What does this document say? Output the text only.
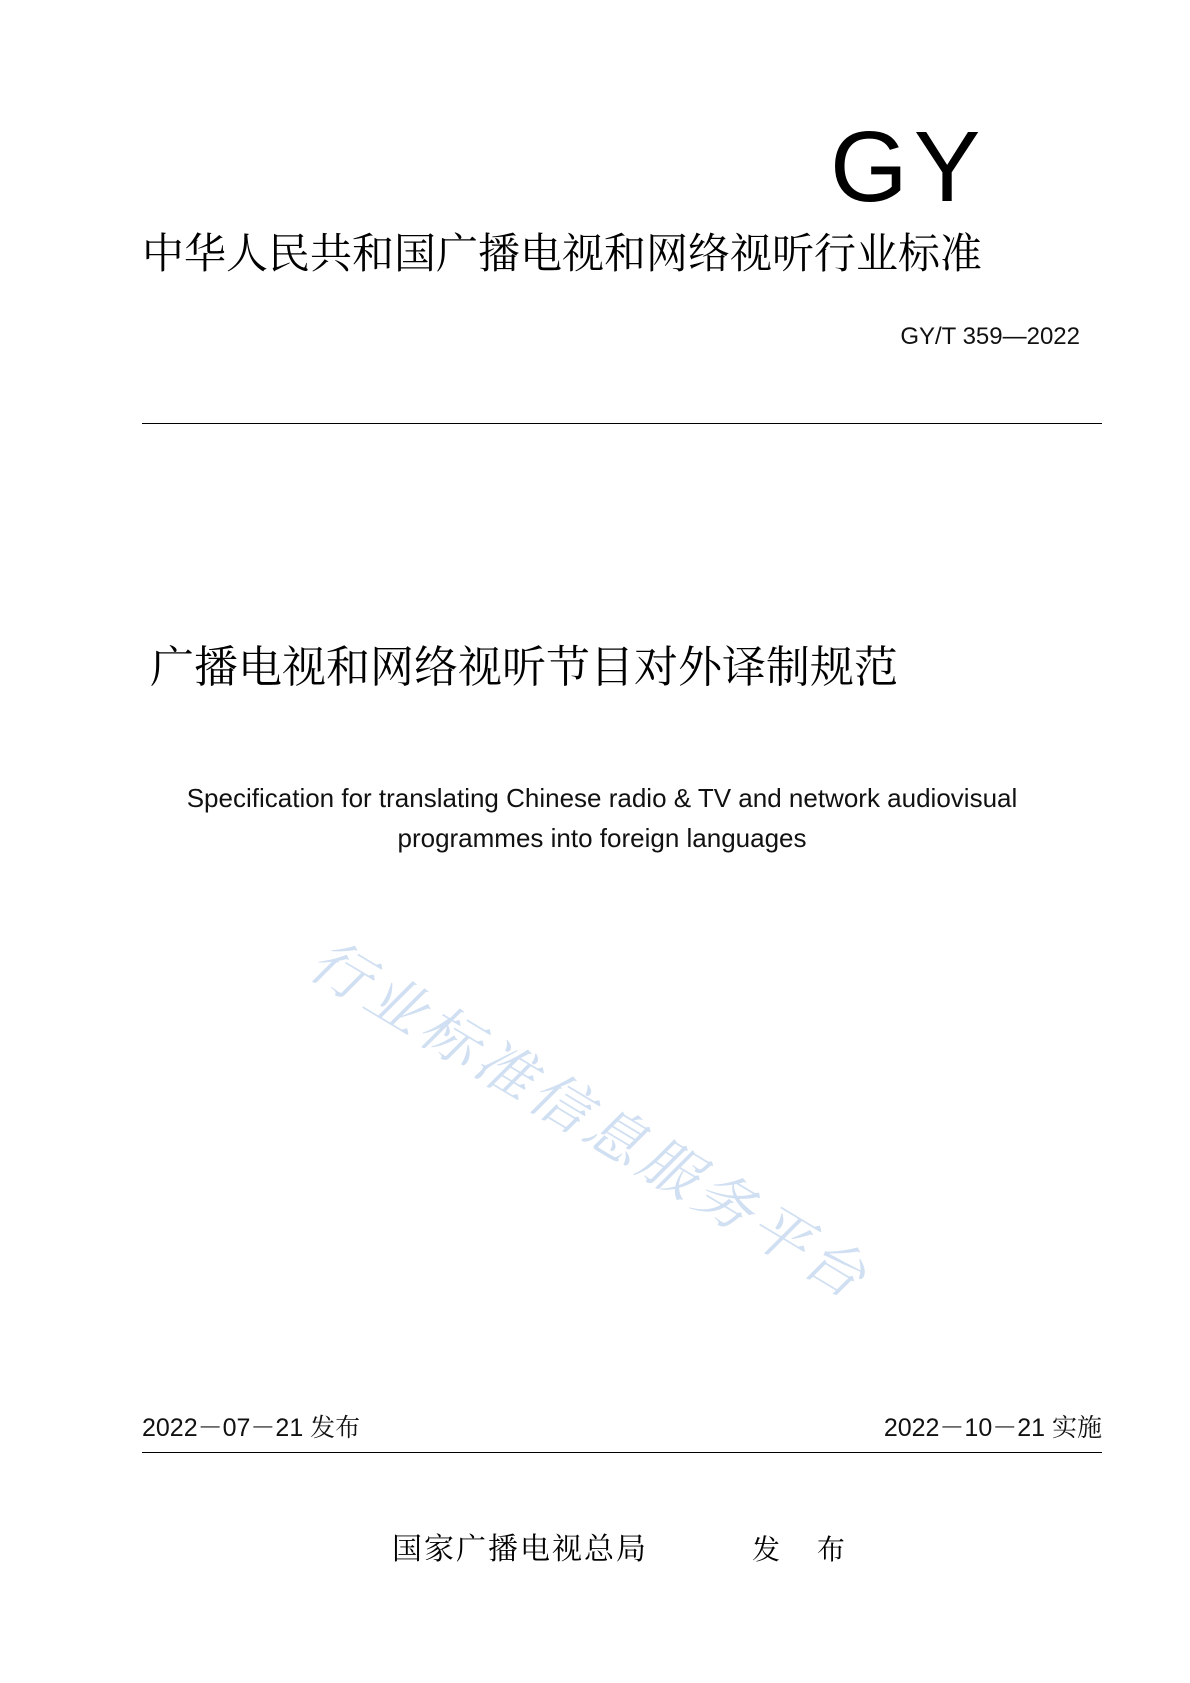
GY
中华人民共和国广播电视和网络视听行业标准
GY/T 359—2022
广播电视和网络视听节目对外译制规范
Specification for translating Chinese radio & TV and network audiovisual
programmes into foreign languages
行业标准信息服务平台
2022－07－21 发布	2022－10－21 实施
国家广播电视总局	发 布
